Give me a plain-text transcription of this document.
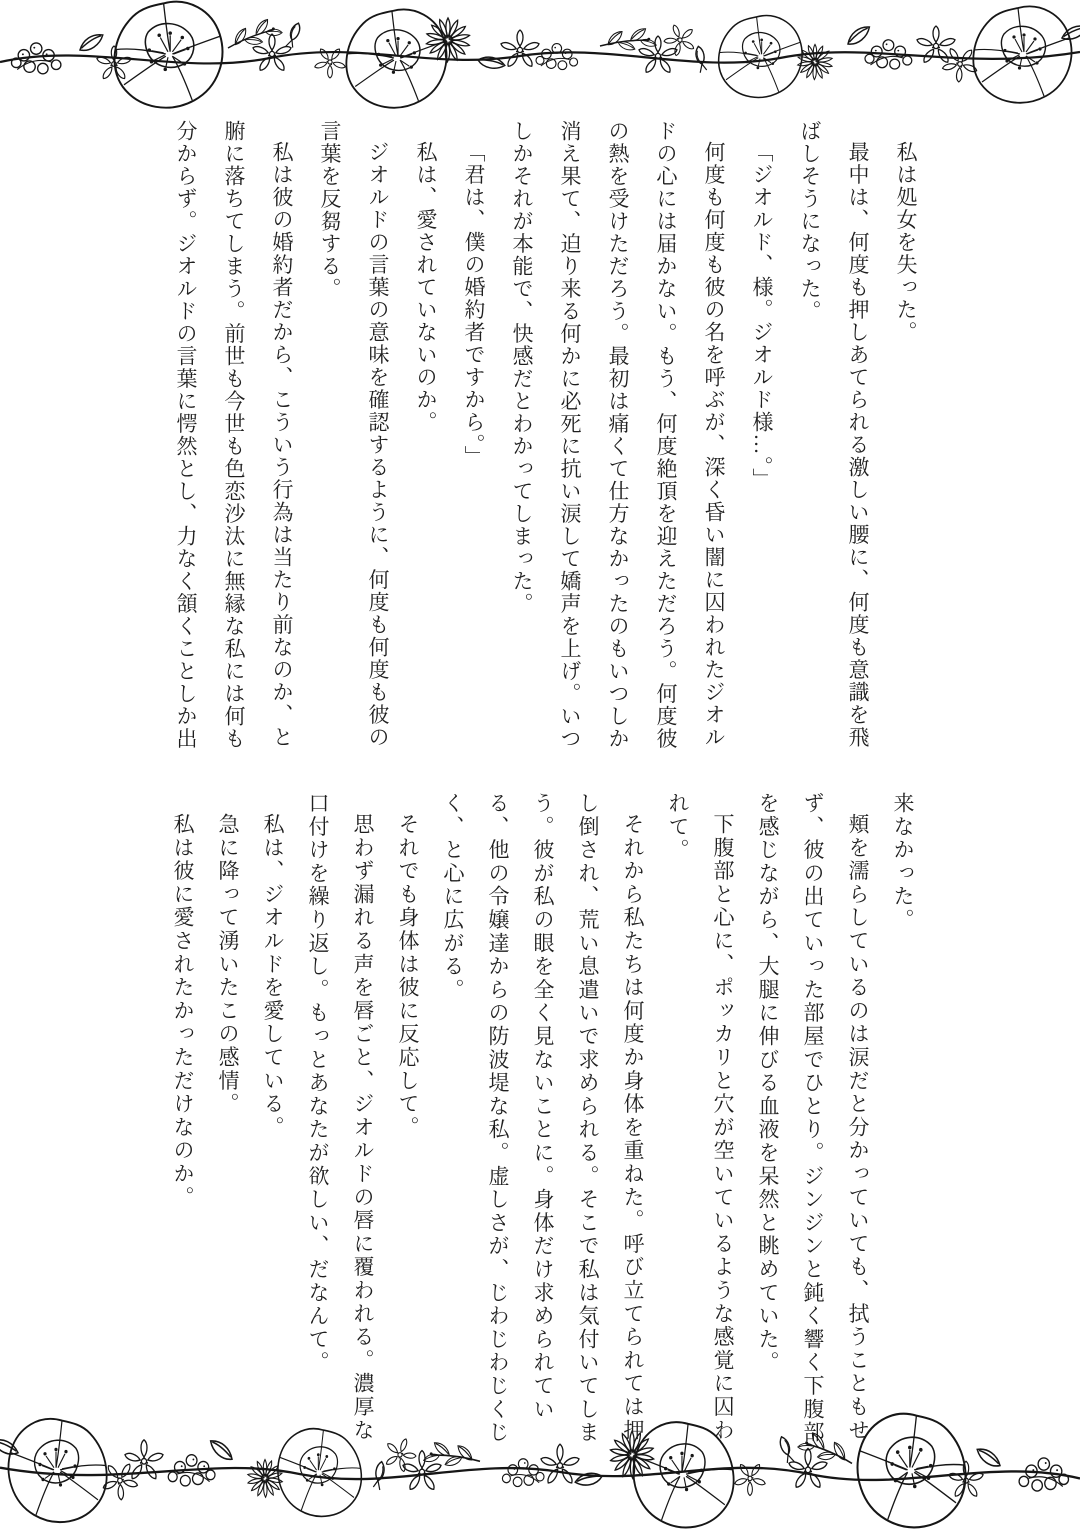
私は処女を失った。

最中は、何度も押しあてられる激しい腰に、何度も意識を飛ばしそうになった。

「ジオルド、様。ジオルド様…。」

何度も何度も彼の名を呼ぶが、深く昏い闇に囚われたジオルドの心には届かない。もう、何度絶頂を迎えただろう。何度彼の熱を受けただろう。最初は痛くて仕方なかったのもいつしか消え果て、迫り来る何かに必死に抗い涙して嬌声を上げ。いつしかそれが本能で、快感だとわかってしまった。

「君は、僕の婚約者ですから。」

私は、愛されていないのか。

ジオルドの言葉の意味を確認するように、何度も何度も彼の言葉を反芻する。

私は彼の婚約者だから、こういう行為は当たり前なのか、と腑に落ちてしまう。前世も今世も色恋沙汰に無縁な私には何も分からず。ジオルドの言葉に愕然とし、力なく頷くことしか出

来なかった。

頬を濡らしているのは涙だと分かっていても、拭うこともせず、彼の出ていった部屋でひとり。ジンジンと鈍く響く下腹部を感じながら、大腿に伸びる血液を呆然と眺めていた。

下腹部と心に、ポッカリと穴が空いているような感覚に囚われて。

それから私たちは何度か身体を重ねた。呼び立てられては押し倒され、荒い息遣いで求められる。そこで私は気付いてしまう。彼が私の眼を全く見ないことに。身体だけ求められている、他の令嬢達からの防波堤な私。虚しさが、じわじわじくじく、と心に広がる。

それでも身体は彼に反応して。

思わず漏れる声を唇ごと、ジオルドの唇に覆われる。濃厚な口付けを繰り返し。もっとあなたが欲しい、だなんて。

私は、ジオルドを愛している。

急に降って湧いたこの感情。

私は彼に愛されたかっただけなのか。
